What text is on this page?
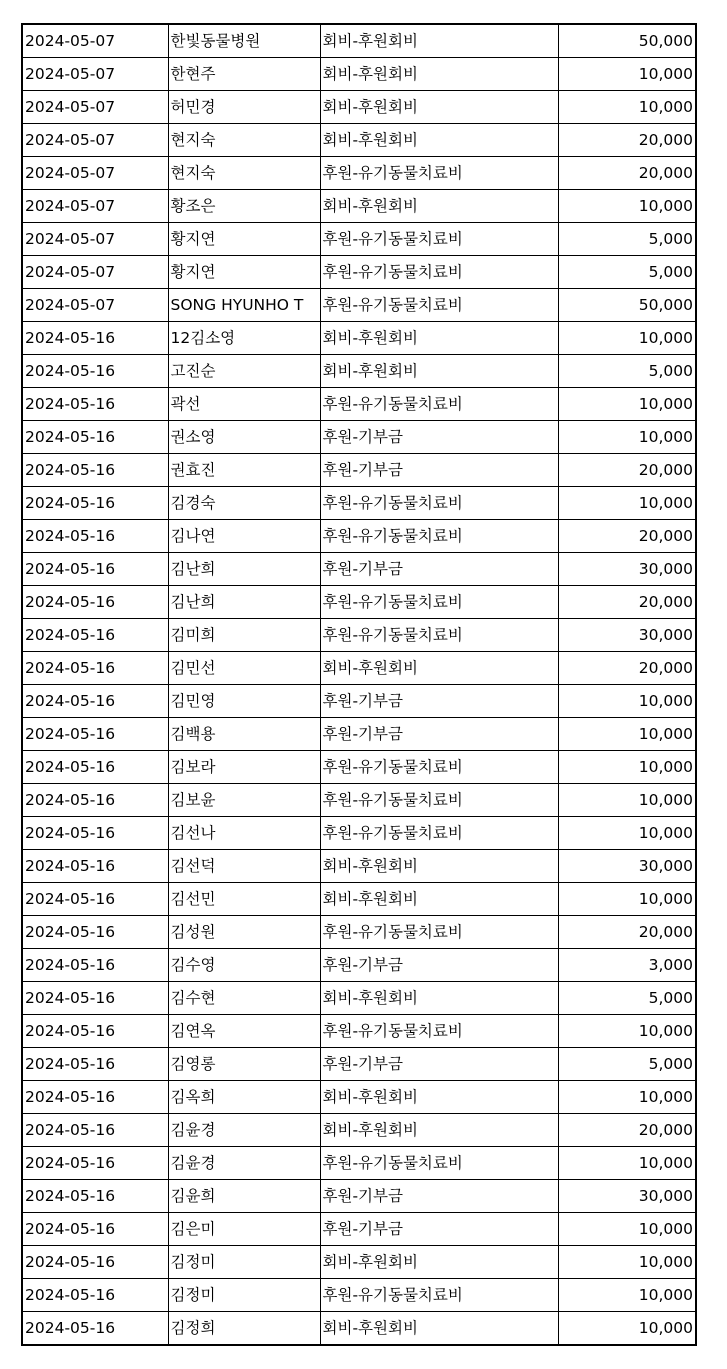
2024-05-07	한빛동물병원	회비-후원회비	50,000
2024-05-07	한현주	회비-후원회비	10,000
2024-05-07	허민경	회비-후원회비	10,000
2024-05-07	현지숙	회비-후원회비	20,000
2024-05-07	현지숙	후원-유기동물치료비	20,000
2024-05-07	황조은	회비-후원회비	10,000
2024-05-07	황지연	후원-유기동물치료비	5,000
2024-05-07	황지연	후원-유기동물치료비	5,000
2024-05-07	SONG HYUNHO T	후원-유기동물치료비	50,000
2024-05-16	12김소영	회비-후원회비	10,000
2024-05-16	고진순	회비-후원회비	5,000
2024-05-16	곽선	후원-유기동물치료비	10,000
2024-05-16	권소영	후원-기부금	10,000
2024-05-16	권효진	후원-기부금	20,000
2024-05-16	김경숙	후원-유기동물치료비	10,000
2024-05-16	김나연	후원-유기동물치료비	20,000
2024-05-16	김난희	후원-기부금	30,000
2024-05-16	김난희	후원-유기동물치료비	20,000
2024-05-16	김미희	후원-유기동물치료비	30,000
2024-05-16	김민선	회비-후원회비	20,000
2024-05-16	김민영	후원-기부금	10,000
2024-05-16	김백용	후원-기부금	10,000
2024-05-16	김보라	후원-유기동물치료비	10,000
2024-05-16	김보윤	후원-유기동물치료비	10,000
2024-05-16	김선나	후원-유기동물치료비	10,000
2024-05-16	김선덕	회비-후원회비	30,000
2024-05-16	김선민	회비-후원회비	10,000
2024-05-16	김성원	후원-유기동물치료비	20,000
2024-05-16	김수영	후원-기부금	3,000
2024-05-16	김수현	회비-후원회비	5,000
2024-05-16	김연옥	후원-유기동물치료비	10,000
2024-05-16	김영롱	후원-기부금	5,000
2024-05-16	김옥희	회비-후원회비	10,000
2024-05-16	김윤경	회비-후원회비	20,000
2024-05-16	김윤경	후원-유기동물치료비	10,000
2024-05-16	김윤희	후원-기부금	30,000
2024-05-16	김은미	후원-기부금	10,000
2024-05-16	김정미	회비-후원회비	10,000
2024-05-16	김정미	후원-유기동물치료비	10,000
2024-05-16	김정희	회비-후원회비	10,000
